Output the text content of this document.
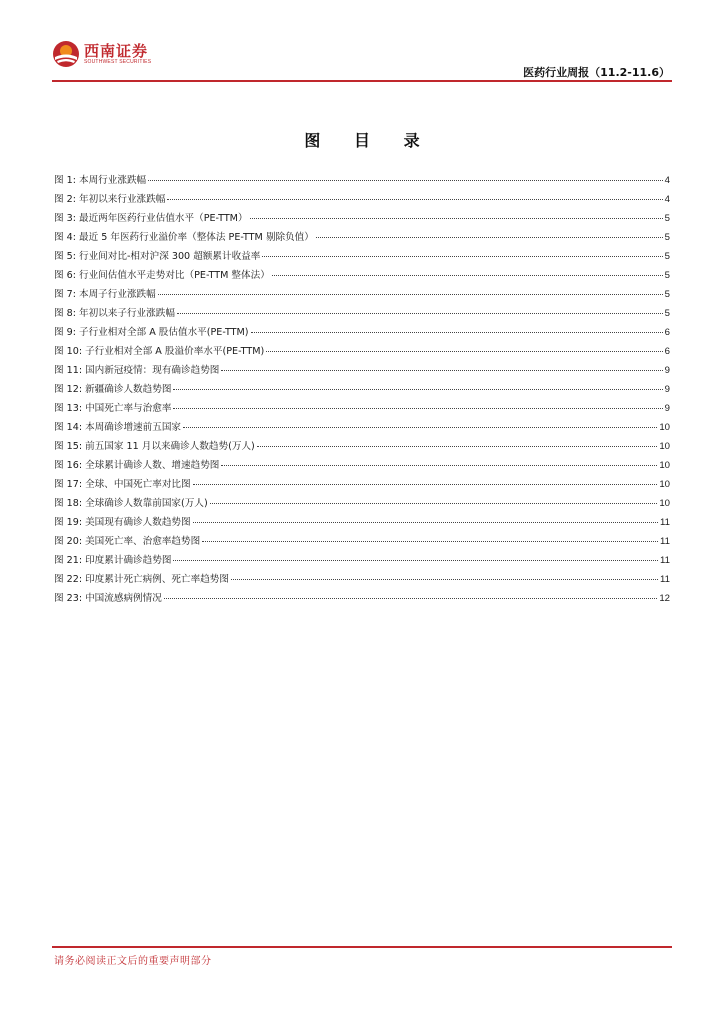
西南证券
SOUTHWEST SECURITIES
医药行业周报（11.2-11.6）
图 目 录
图 1: 本周行业涨跌幅	4
图 2: 年初以来行业涨跌幅	4
图 3: 最近两年医药行业估值水平（PE-TTM）	5
图 4: 最近 5 年医药行业溢价率（整体法 PE-TTM 剔除负值）	5
图 5: 行业间对比-相对沪深 300 超额累计收益率	5
图 6: 行业间估值水平走势对比（PE-TTM 整体法）	5
图 7: 本周子行业涨跌幅	5
图 8: 年初以来子行业涨跌幅	5
图 9: 子行业相对全部 A 股估值水平(PE-TTM)	6
图 10: 子行业相对全部 A 股溢价率水平(PE-TTM)	6
图 11: 国内新冠疫情：现有确诊趋势图	9
图 12: 新疆确诊人数趋势图	9
图 13: 中国死亡率与治愈率	9
图 14: 本周确诊增速前五国家	10
图 15: 前五国家 11 月以来确诊人数趋势(万人)	10
图 16: 全球累计确诊人数、增速趋势图	10
图 17: 全球、中国死亡率对比图	10
图 18: 全球确诊人数靠前国家(万人)	10
图 19: 美国现有确诊人数趋势图	11
图 20: 美国死亡率、治愈率趋势图	11
图 21: 印度累计确诊趋势图	11
图 22: 印度累计死亡病例、死亡率趋势图	11
图 23: 中国流感病例情况	12
请务必阅读正文后的重要声明部分
